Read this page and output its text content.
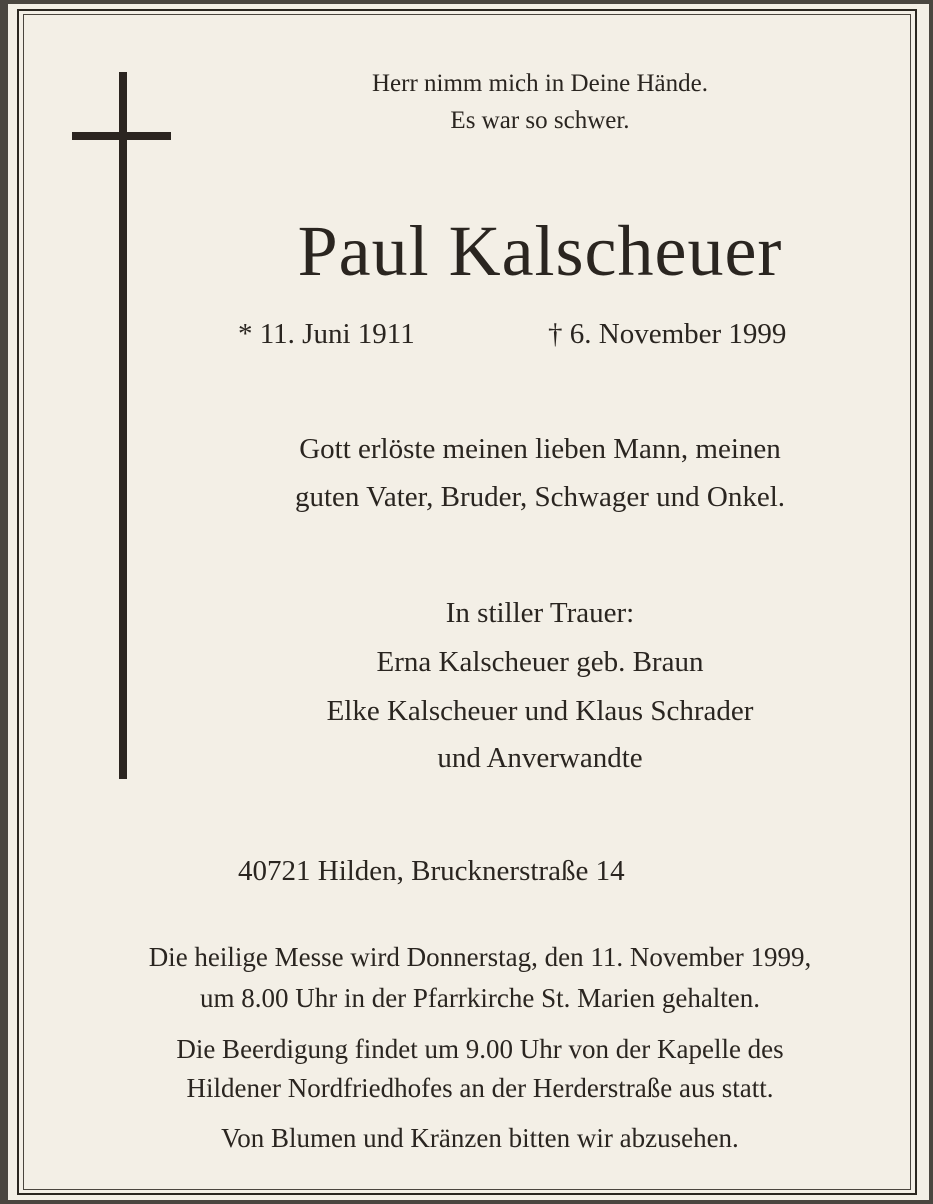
Herr nimm mich in Deine Hände.
Es war so schwer.
Paul Kalscheuer
* 11. Juni 1911	† 6. November 1999
Gott erlöste meinen lieben Mann, meinen
guten Vater, Bruder, Schwager und Onkel.
In stiller Trauer:
Erna Kalscheuer geb. Braun
Elke Kalscheuer und Klaus Schrader
und Anverwandte
40721 Hilden, Brucknerstraße 14
Die heilige Messe wird Donnerstag, den 11. November 1999,
um 8.00 Uhr in der Pfarrkirche St. Marien gehalten.
Die Beerdigung findet um 9.00 Uhr von der Kapelle des
Hildener Nordfriedhofes an der Herderstraße aus statt.
Von Blumen und Kränzen bitten wir abzusehen.
